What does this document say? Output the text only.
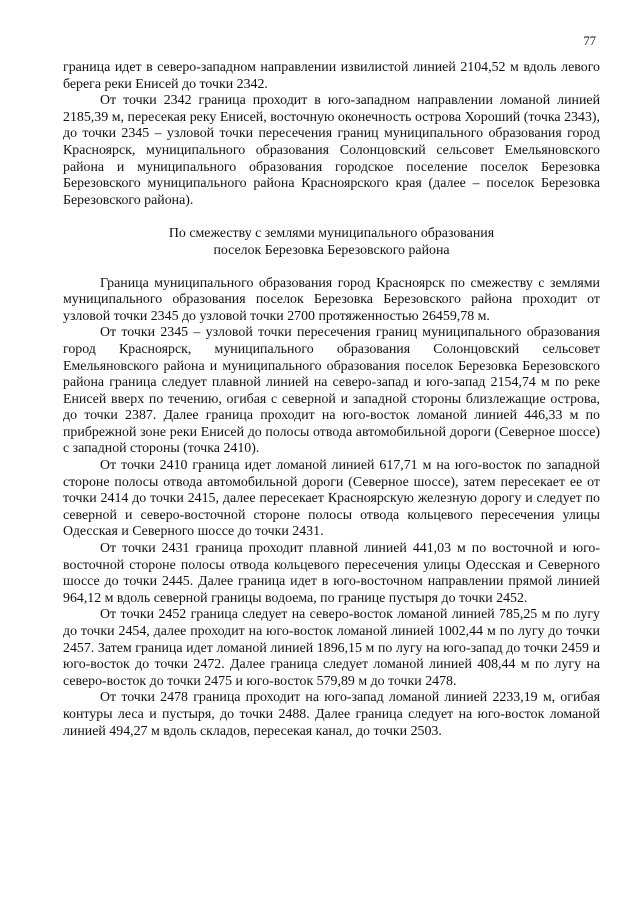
77

граница идет в северо-западном направлении извилистой линией 2104,52 м вдоль левого берега реки Енисей до точки 2342.

От точки 2342 граница проходит в юго-западном направлении ломаной линией 2185,39 м, пересекая реку Енисей, восточную оконечность острова Хороший (точка 2343), до точки 2345 – узловой точки пересечения границ муниципального образования город Красноярск, муниципального образования Солонцовский сельсовет Емельяновского района и муниципального образования городское поселение поселок Березовка Березовского муниципального района Красноярского края (далее – поселок Березовка Березовского района).

По смежеству с землями муниципального образования
поселок Березовка Березовского района

Граница муниципального образования город Красноярск по смежеству с землями муниципального образования поселок Березовка Березовского района проходит от узловой точки 2345 до узловой точки 2700 протяженностью 26459,78 м.

От точки 2345 – узловой точки пересечения границ муниципального образования город Красноярск, муниципального образования Солонцовский сельсовет Емельяновского района и муниципального образования поселок Березовка Березовского района граница следует плавной линией на северо-запад и юго-запад 2154,74 м по реке Енисей вверх по течению, огибая с северной и западной стороны близлежащие острова, до точки 2387. Далее граница проходит на юго-восток ломаной линией 446,33 м по прибрежной зоне реки Енисей до полосы отвода автомобильной дороги (Северное шоссе) с западной стороны (точка 2410).

От точки 2410 граница идет ломаной линией 617,71 м на юго-восток по западной стороне полосы отвода автомобильной дороги (Северное шоссе), затем пересекает ее от точки 2414 до точки 2415, далее пересекает Красноярскую железную дорогу и следует по северной и северо-восточной стороне полосы отвода кольцевого пересечения улицы Одесская и Северного шоссе до точки 2431.

От точки 2431 граница проходит плавной линией 441,03 м по восточной и юго-восточной стороне полосы отвода кольцевого пересечения улицы Одесская и Северного шоссе до точки 2445. Далее граница идет в юго-восточном направлении прямой линией 964,12 м вдоль северной границы водоема, по границе пустыря до точки 2452.

От точки 2452 граница следует на северо-восток ломаной линией 785,25 м по лугу до точки 2454, далее проходит на юго-восток ломаной линией 1002,44 м по лугу до точки 2457. Затем граница идет ломаной линией 1896,15 м по лугу на юго-запад до точки 2459 и юго-восток до точки 2472. Далее граница следует ломаной линией 408,44 м по лугу на северо-восток до точки 2475 и юго-восток 579,89 м до точки 2478.

От точки 2478 граница проходит на юго-запад ломаной линией 2233,19 м, огибая контуры леса и пустыря, до точки 2488. Далее граница следует на юго-восток ломаной линией 494,27 м вдоль складов, пересекая канал, до точки 2503.
